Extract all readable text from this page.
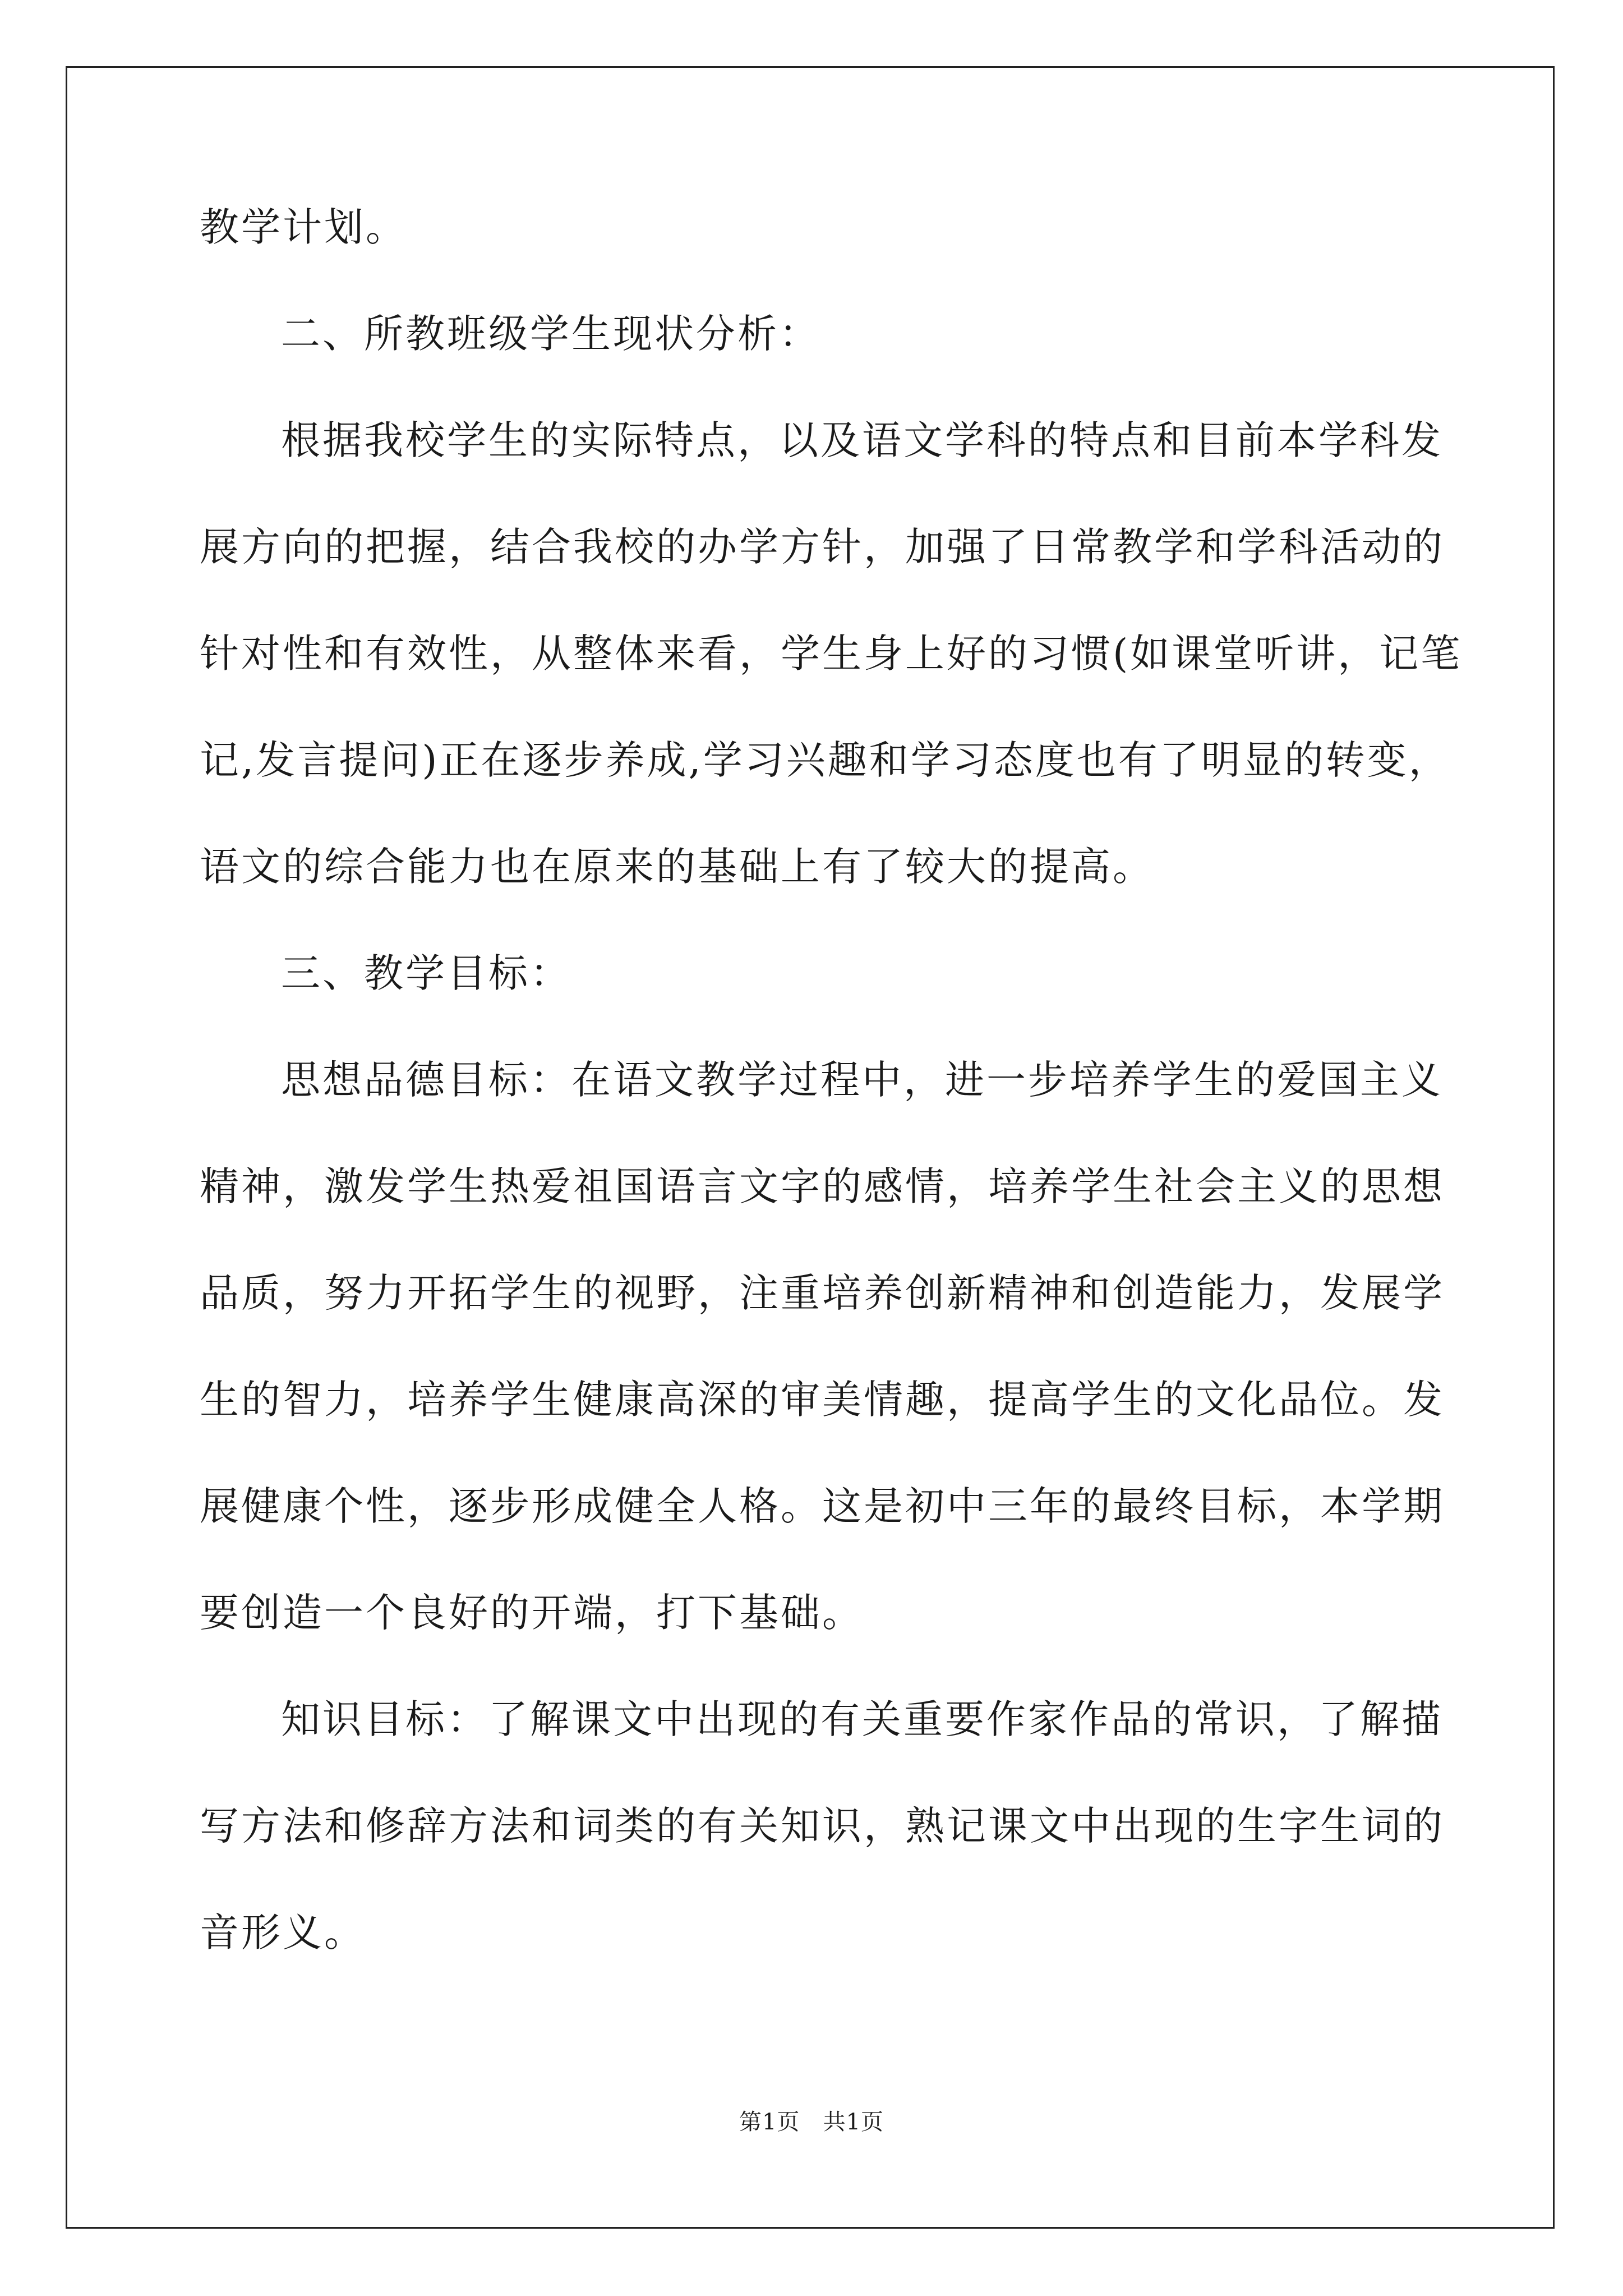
教学计划。

二、所教班级学生现状分析：

根据我校学生的实际特点，以及语文学科的特点和目前本学科发

展方向的把握，结合我校的办学方针，加强了日常教学和学科活动的

针对性和有效性，从整体来看，学生身上好的习惯(如课堂听讲，记笔

记,发言提问)正在逐步养成,学习兴趣和学习态度也有了明显的转变，

语文的综合能力也在原来的基础上有了较大的提高。

三、教学目标：

思想品德目标：在语文教学过程中，进一步培养学生的爱国主义

精神，激发学生热爱祖国语言文字的感情，培养学生社会主义的思想

品质，努力开拓学生的视野，注重培养创新精神和创造能力，发展学

生的智力，培养学生健康高深的审美情趣，提高学生的文化品位。发

展健康个性，逐步形成健全人格。这是初中三年的最终目标，本学期

要创造一个良好的开端，打下基础。

知识目标：了解课文中出现的有关重要作家作品的常识，了解描

写方法和修辞方法和词类的有关知识，熟记课文中出现的生字生词的

音形义。

第1页 共1页
